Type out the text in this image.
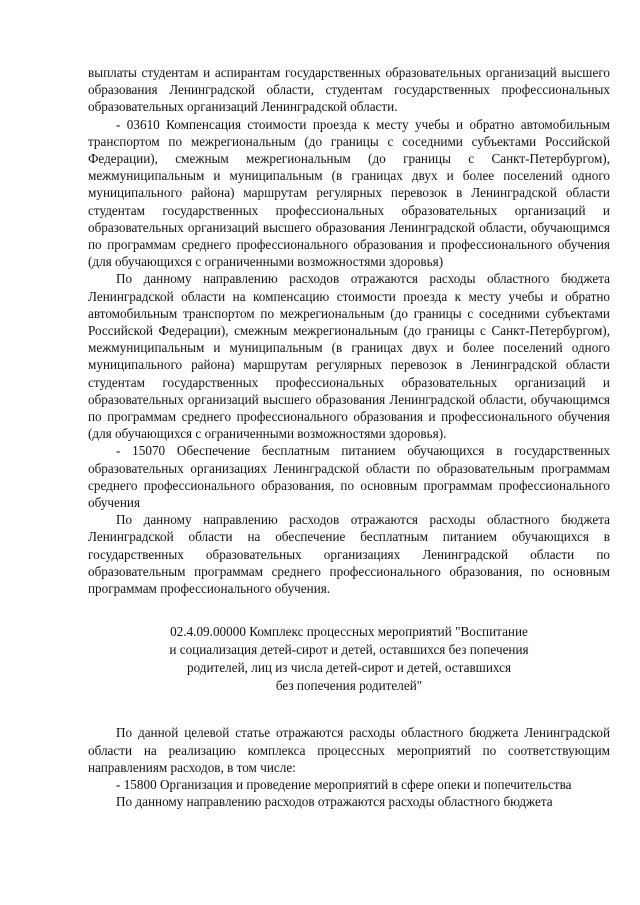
выплаты студентам и аспирантам государственных образовательных организаций высшего образования Ленинградской области, студентам государственных профессиональных образовательных организаций Ленинградской области.

- 03610 Компенсация стоимости проезда к месту учебы и обратно автомобильным транспортом по межрегиональным (до границы с соседними субъектами Российской Федерации), смежным межрегиональным (до границы с Санкт-Петербургом), межмуниципальным и муниципальным (в границах двух и более поселений одного муниципального района) маршрутам регулярных перевозок в Ленинградской области студентам государственных профессиональных образовательных организаций и образовательных организаций высшего образования Ленинградской области, обучающимся по программам среднего профессионального образования и профессионального обучения (для обучающихся с ограниченными возможностями здоровья)

По данному направлению расходов отражаются расходы областного бюджета Ленинградской области на компенсацию стоимости проезда к месту учебы и обратно автомобильным транспортом по межрегиональным (до границы с соседними субъектами Российской Федерации), смежным межрегиональным (до границы с Санкт-Петербургом), межмуниципальным и муниципальным (в границах двух и более поселений одного муниципального района) маршрутам регулярных перевозок в Ленинградской области студентам государственных профессиональных образовательных организаций и образовательных организаций высшего образования Ленинградской области, обучающимся по программам среднего профессионального образования и профессионального обучения (для обучающихся с ограниченными возможностями здоровья).

- 15070 Обеспечение бесплатным питанием обучающихся в государственных образовательных организациях Ленинградской области по образовательным программам среднего профессионального образования, по основным программам профессионального обучения

По данному направлению расходов отражаются расходы областного бюджета Ленинградской области на обеспечение бесплатным питанием обучающихся в государственных образовательных организациях Ленинградской области по образовательным программам среднего профессионального образования, по основным программам профессионального обучения.

02.4.09.00000 Комплекс процессных мероприятий "Воспитание
и социализация детей-сирот и детей, оставшихся без попечения
родителей, лиц из числа детей-сирот и детей, оставшихся
без попечения родителей"

По данной целевой статье отражаются расходы областного бюджета Ленинградской области на реализацию комплекса процессных мероприятий по соответствующим направлениям расходов, в том числе:

- 15800 Организация и проведение мероприятий в сфере опеки и попечительства

По данному направлению расходов отражаются расходы областного бюджета
